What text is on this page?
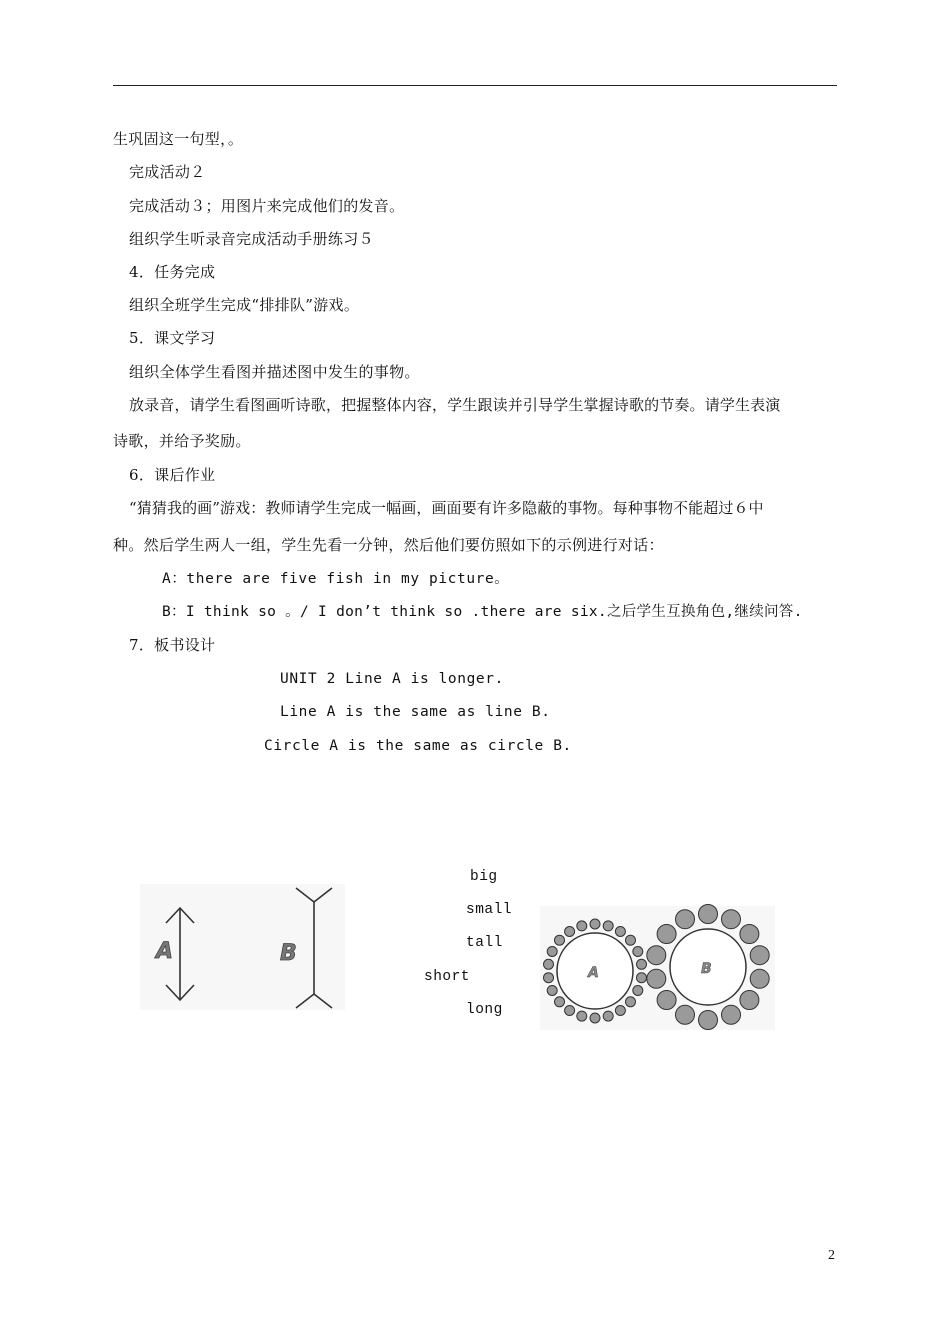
生巩固这一句型，。
完成活动２
完成活动３；用图片来完成他们的发音。
组织学生听录音完成活动手册练习５
4．任务完成
组织全班学生完成“排排队”游戏。
5．课文学习
组织全体学生看图并描述图中发生的事物。
放录音，请学生看图画听诗歌，把握整体内容，学生跟读并引导学生掌握诗歌的节奏。请学生表演
诗歌，并给予奖励。
6．课后作业
“猜猜我的画”游戏：教师请学生完成一幅画，画面要有许多隐蔽的事物。每种事物不能超过６中
种。然后学生两人一组，学生先看一分钟，然后他们要仿照如下的示例进行对话：
A：there are five fish in my picture。
B：I think so 。/ I don’t think so .there are six.之后学生互换角色,继续问答.
7．板书设计
UNIT 2 Line A is longer.
Line A is the same as line B.
Circle A is the same as circle B.
big
small
tall
short
long
A	B
A	B
2
